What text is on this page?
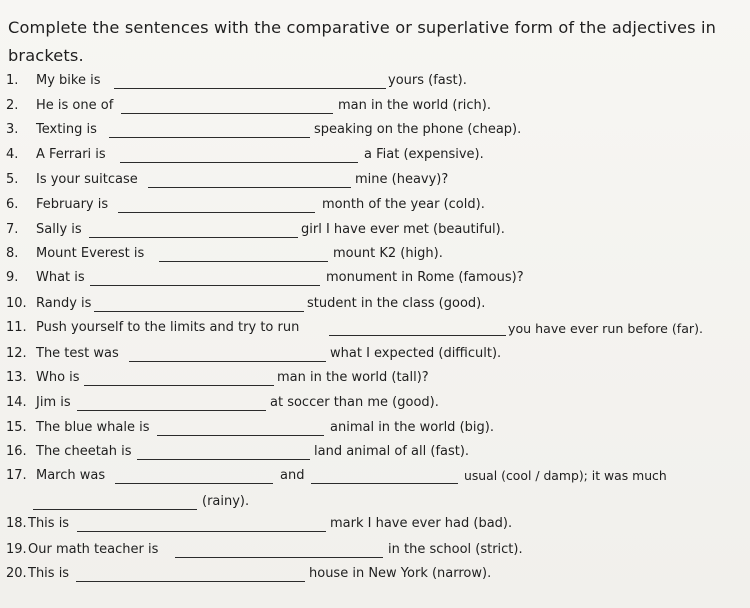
Complete the sentences with the comparative or superlative form of the adjectives in brackets.
1.	My bike is	yours (fast).
2.	He is one of	man in the world (rich).
3.	Texting is	speaking on the phone (cheap).
4.	A Ferrari is	a Fiat (expensive).
5.	Is your suitcase	mine (heavy)?
6.	February is	month of the year (cold).
7.	Sally is	girl I have ever met (beautiful).
8.	Mount Everest is	mount K2 (high).
9.	What is	monument in Rome (famous)?
10. Randy is	student in the class (good).
11. Push yourself to the limits and try to run	you have ever run before (far).
12. The test was	what I expected (difficult).
13. Who is	man in the world (tall)?
14. Jim is	at soccer than me (good).
15. The blue whale is	animal in the world (big).
16. The cheetah is	land animal of all (fast).
17. March was	and	usual (cool / damp); it was much
(rainy).
18. This is	mark I have ever had (bad).
19. Our math teacher is	in the school (strict).
20. This is	house in New York (narrow).
